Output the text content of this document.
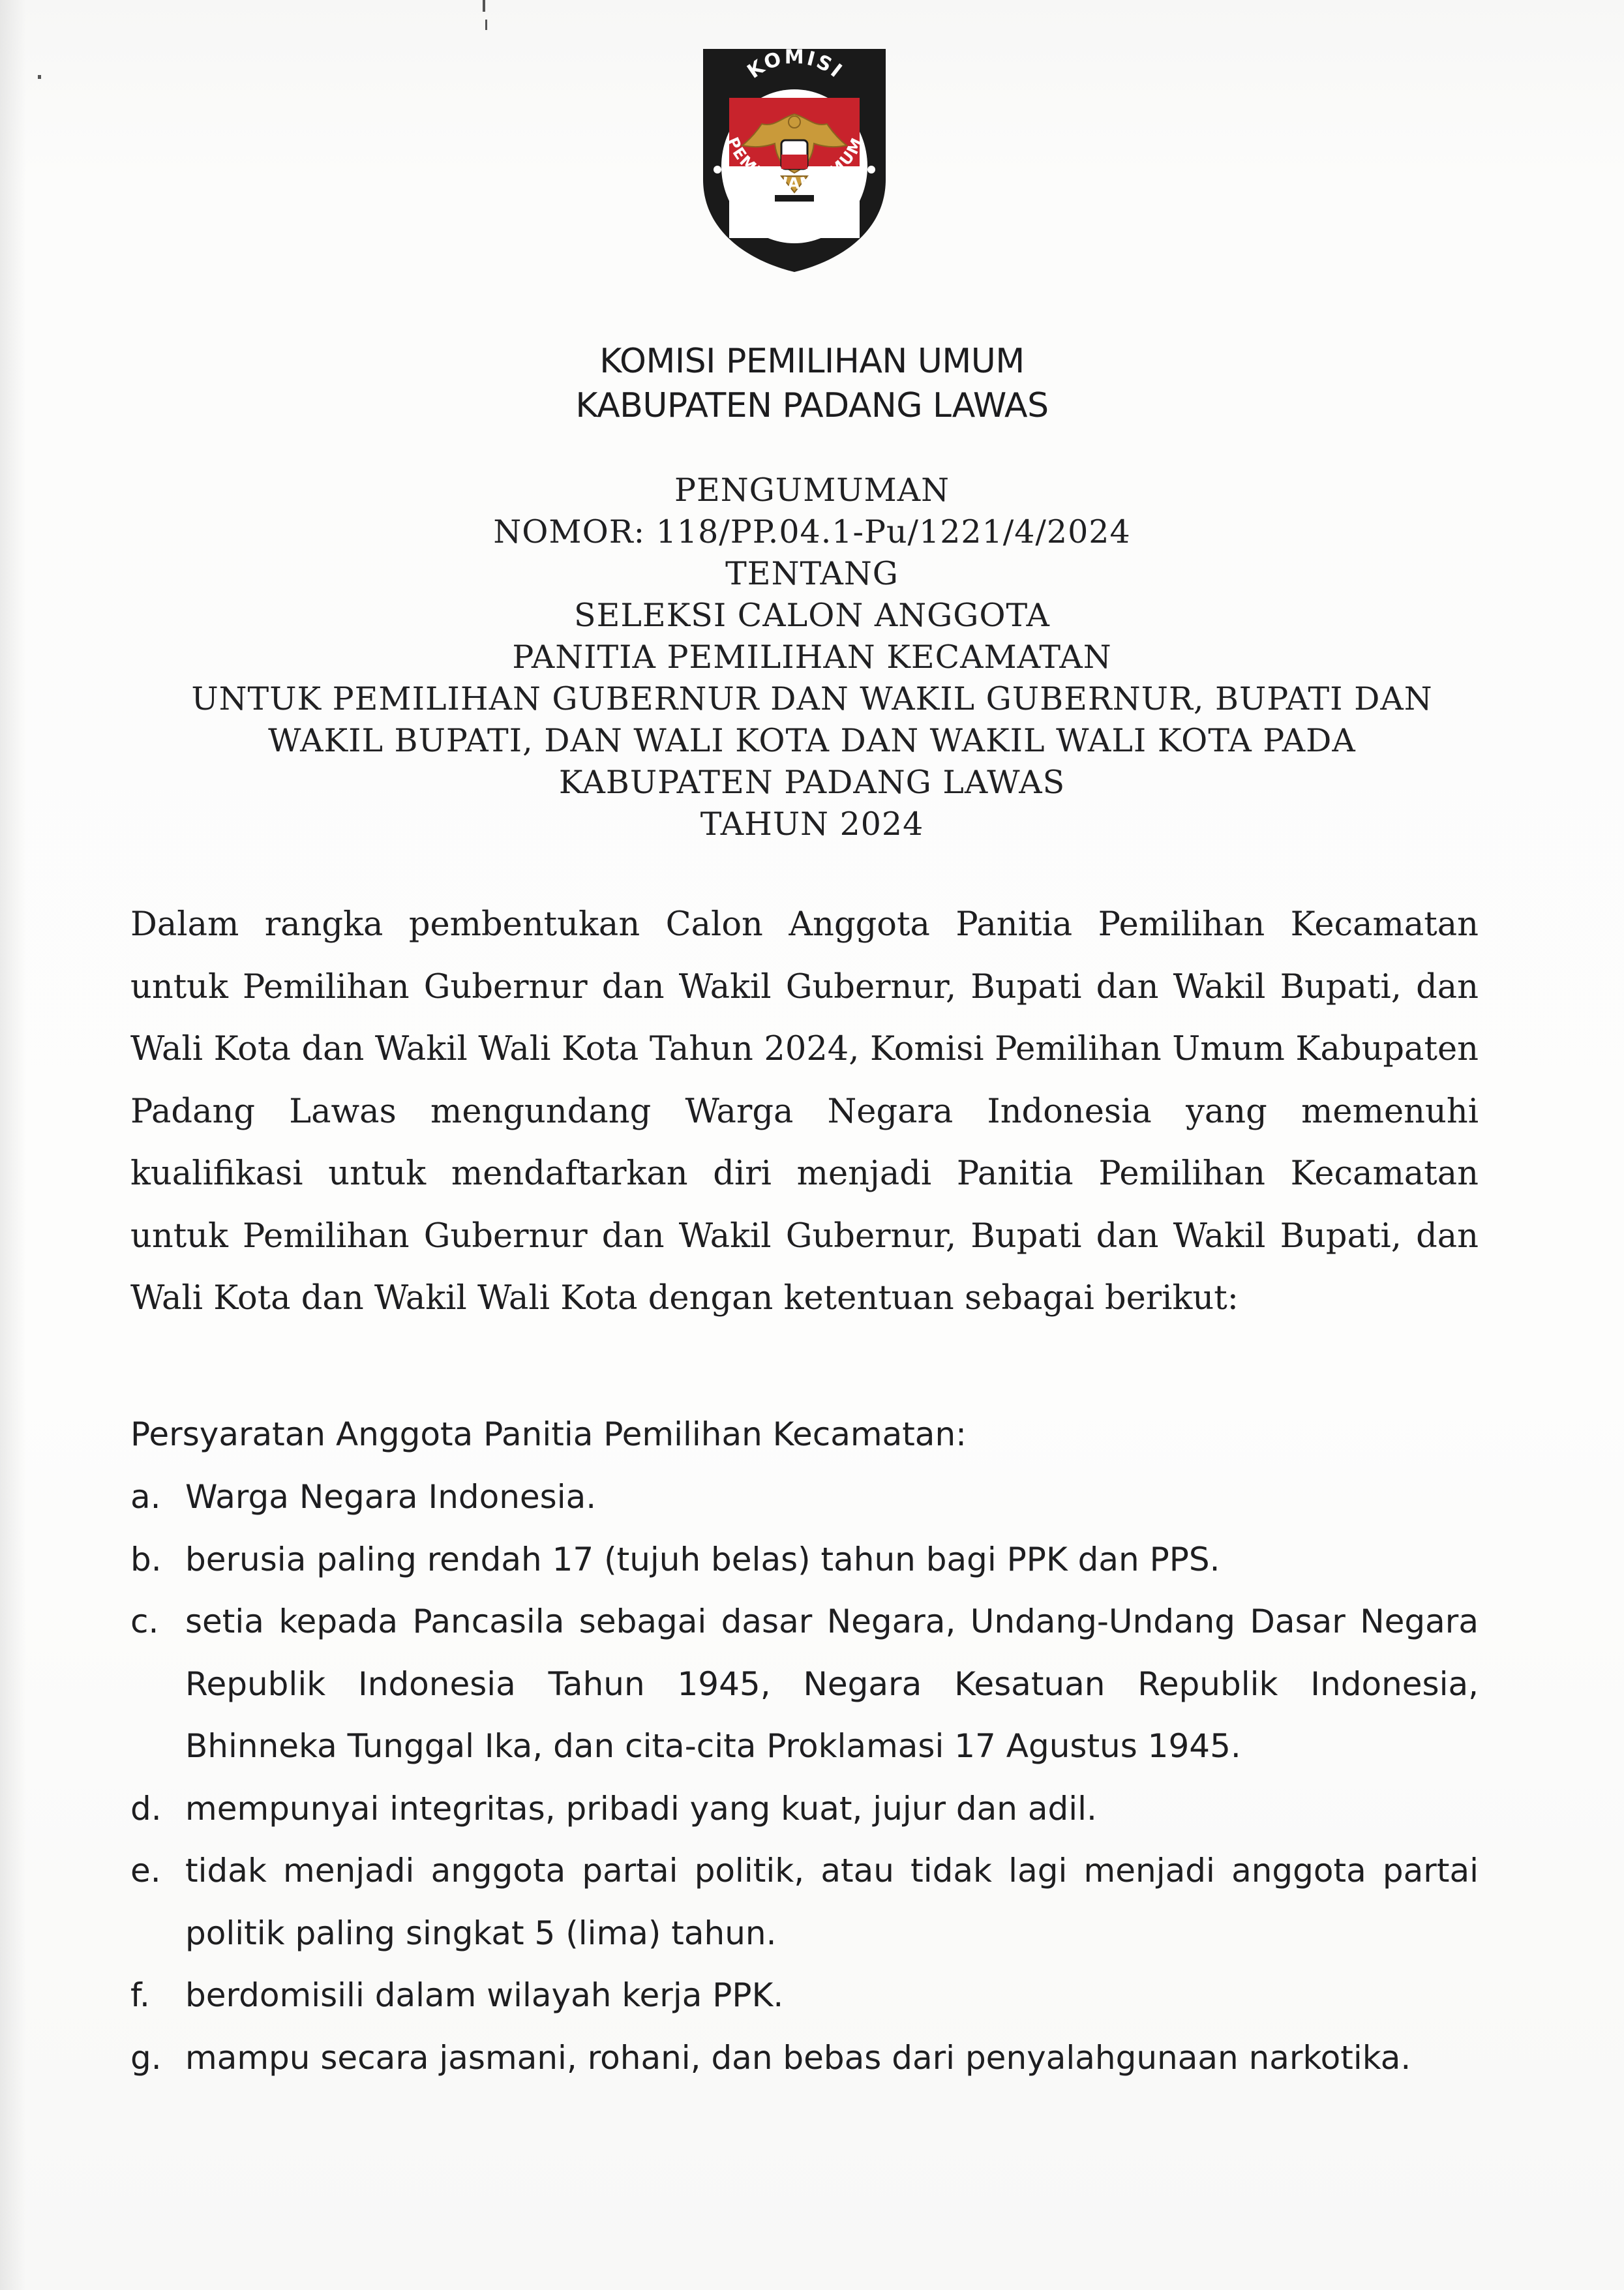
KOMISI
PEMILIHAN UMUM
KOMISI PEMILIHAN UMUM
KABUPATEN PADANG LAWAS
PENGUMUMAN
NOMOR: 118/PP.04.1-Pu/1221/4/2024
TENTANG
SELEKSI CALON ANGGOTA
PANITIA PEMILIHAN KECAMATAN
UNTUK PEMILIHAN GUBERNUR DAN WAKIL GUBERNUR, BUPATI DAN
WAKIL BUPATI, DAN WALI KOTA DAN WAKIL WALI KOTA PADA
KABUPATEN PADANG LAWAS
TAHUN 2024
Dalam rangka pembentukan Calon Anggota Panitia Pemilihan Kecamatan untuk Pemilihan Gubernur dan Wakil Gubernur, Bupati dan Wakil Bupati, dan Wali Kota dan Wakil Wali Kota Tahun 2024, Komisi Pemilihan Umum Kabupaten Padang Lawas mengundang Warga Negara Indonesia yang memenuhi kualifikasi untuk mendaftarkan diri menjadi Panitia Pemilihan Kecamatan untuk Pemilihan Gubernur dan Wakil Gubernur, Bupati dan Wakil Bupati, dan Wali Kota dan Wakil Wali Kota dengan ketentuan sebagai berikut:
Persyaratan Anggota Panitia Pemilihan Kecamatan:
a. Warga Negara Indonesia.
b. berusia paling rendah 17 (tujuh belas) tahun bagi PPK dan PPS.
c. setia kepada Pancasila sebagai dasar Negara, Undang-Undang Dasar Negara Republik Indonesia Tahun 1945, Negara Kesatuan Republik Indonesia, Bhinneka Tunggal Ika, dan cita-cita Proklamasi 17 Agustus 1945.
d. mempunyai integritas, pribadi yang kuat, jujur dan adil.
e. tidak menjadi anggota partai politik, atau tidak lagi menjadi anggota partai politik paling singkat 5 (lima) tahun.
f.	berdomisili dalam wilayah kerja PPK.
g. mampu secara jasmani, rohani, dan bebas dari penyalahgunaan narkotika.
